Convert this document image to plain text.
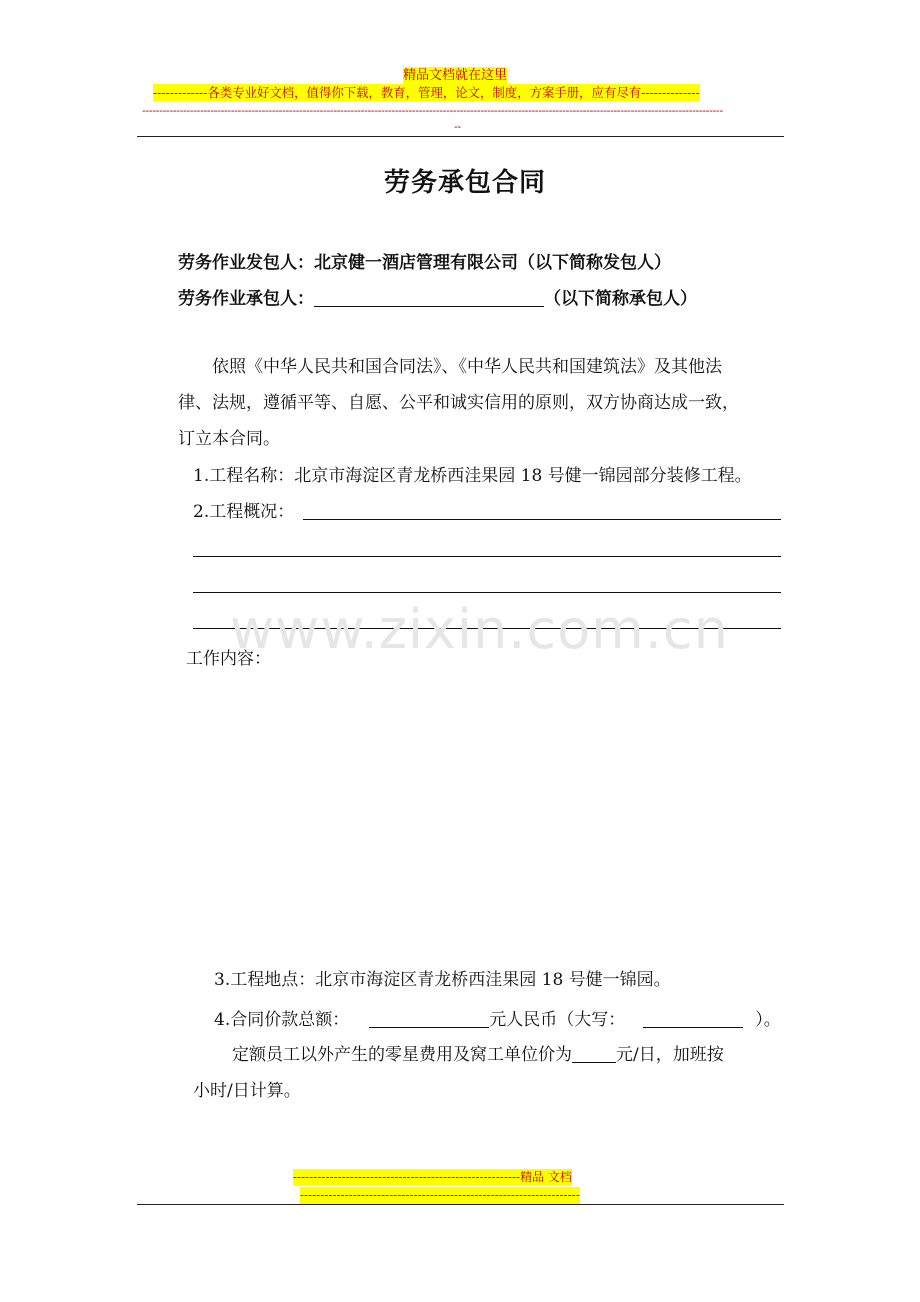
精品文档就在这里
-------------各类专业好文档，值得你下载，教育，管理，论文，制度，方案手册，应有尽有--------------
--------------------------------------------------------------------------------------------------------------------------------------------------------------------------
--
劳务承包合同
劳务作业发包人：北京健一酒店管理有限公司（以下简称发包人）
劳务作业承包人：	（以下简称承包人）
依照《中华人民共和国合同法》、《中华人民共和国建筑法》及其他法
律、法规，遵循平等、自愿、公平和诚实信用的原则，双方协商达成一致，
订立本合同。
1.工程名称：北京市海淀区青龙桥西洼果园 18 号健一锦园部分装修工程。
2.工程概况：
www.zixin.com.cn
工作内容：
3.工程地点：北京市海淀区青龙桥西洼果园 18 号健一锦园。
4.合同价款总额：	元人民币（大写：	）。
定额员工以外产生的零星费用及窝工单位价为	元/日，加班按
小时/日计算。
--------------------------------------------------------精品 文档
---------------------------------------------------------------------
